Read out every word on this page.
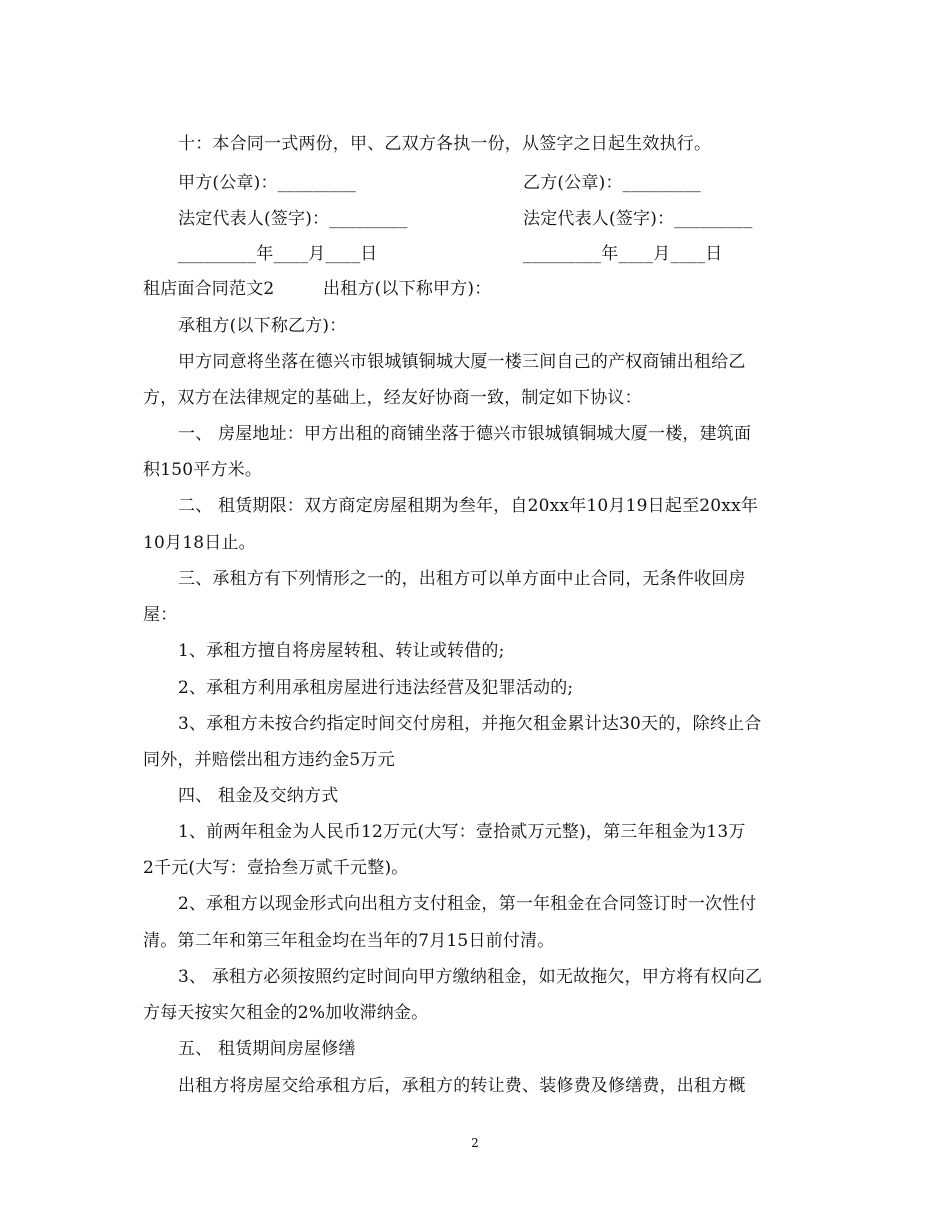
十：本合同一式两份，甲、乙双方各执一份，从签字之日起生效执行。
甲方(公章)：_________	乙方(公章)：_________
法定代表人(签字)：_________	法定代表人(签字)：_________
_________年____月____日	_________年____月____日
租店面合同范文2	出租方(以下称甲方)：
承租方(以下称乙方)：
甲方同意将坐落在德兴市银城镇铜城大厦一楼三间自己的产权商铺出租给乙
方，双方在法律规定的基础上，经友好协商一致，制定如下协议：
一、 房屋地址：甲方出租的商铺坐落于德兴市银城镇铜城大厦一楼，建筑面
积150平方米。
二、 租赁期限：双方商定房屋租期为叁年，自20xx年10月19日起至20xx年
10月18日止。
三、承租方有下列情形之一的，出租方可以单方面中止合同，无条件收回房
屋：
1、承租方擅自将房屋转租、转让或转借的;
2、承租方利用承租房屋进行违法经营及犯罪活动的;
3、承租方未按合约指定时间交付房租，并拖欠租金累计达30天的，除终止合
同外，并赔偿出租方违约金5万元
四、 租金及交纳方式
1、前两年租金为人民币12万元(大写：壹拾贰万元整)，第三年租金为13万
2千元(大写：壹拾叁万贰千元整)。
2、承租方以现金形式向出租方支付租金，第一年租金在合同签订时一次性付
清。第二年和第三年租金均在当年的7月15日前付清。
3、 承租方必须按照约定时间向甲方缴纳租金，如无故拖欠，甲方将有权向乙
方每天按实欠租金的2%加收滞纳金。
五、 租赁期间房屋修缮
出租方将房屋交给承租方后，承租方的转让费、装修费及修缮费，出租方概
2
